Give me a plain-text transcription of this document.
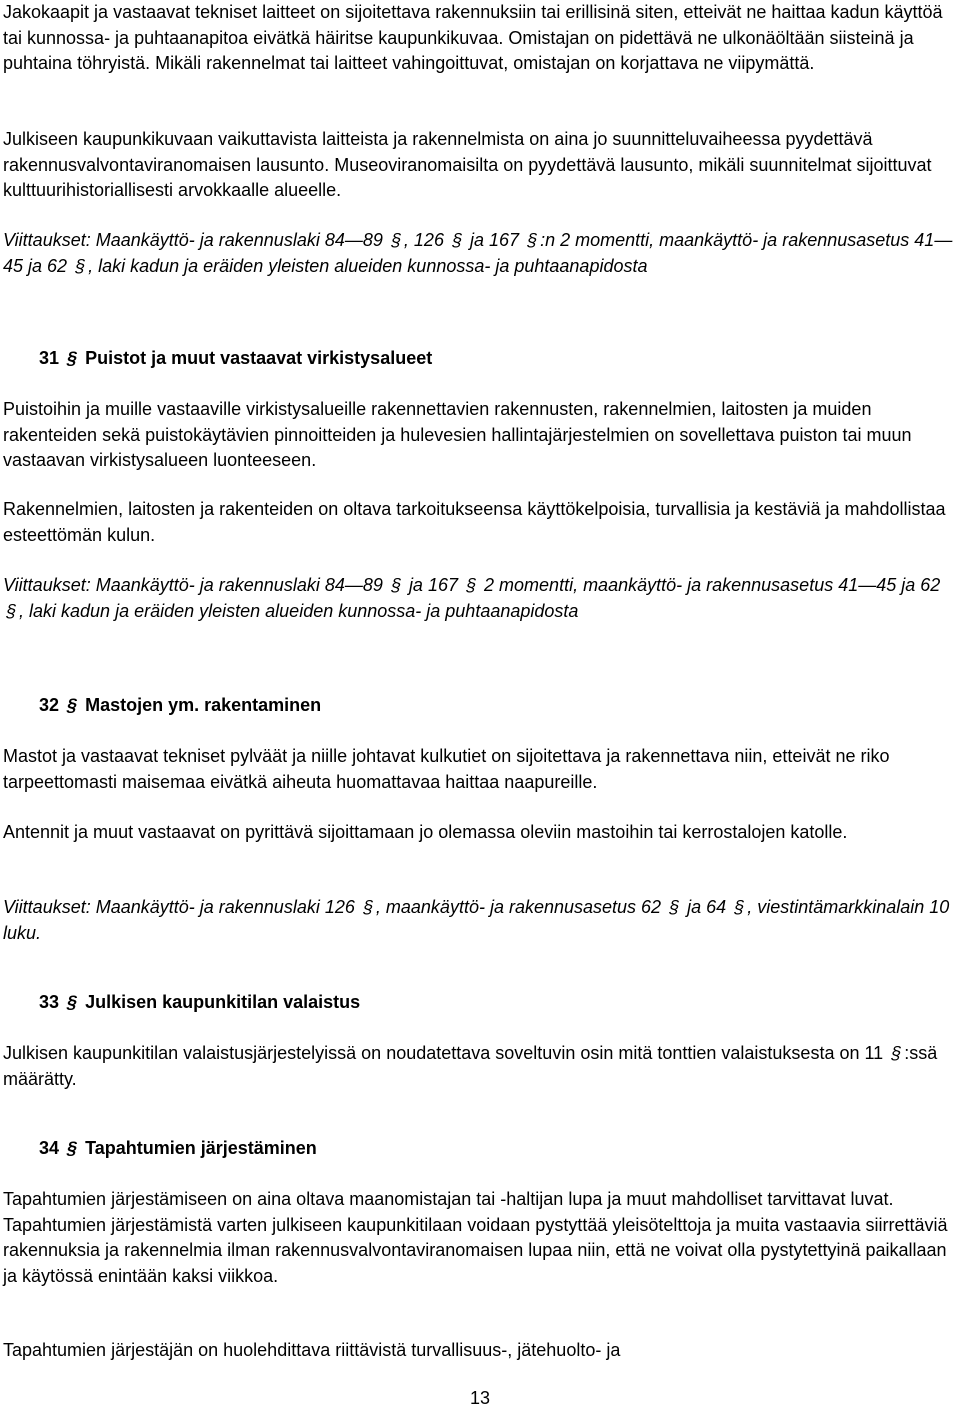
Jakokaapit ja vastaavat tekniset laitteet on sijoitettava rakennuksiin tai erillisinä siten, etteivät ne haittaa kadun käyttöä tai kunnossa- ja puhtaanapitoa eivätkä häiritse kaupunkikuvaa. Omistajan on pidettävä ne ulkonäöltään siisteinä ja puhtaina töhryistä. Mikäli rakennelmat tai laitteet vahingoittuvat, omistajan on korjattava ne viipymättä.

Julkiseen kaupunkikuvaan vaikuttavista laitteista ja rakennelmista on aina jo suunnitteluvaiheessa pyydettävä rakennusvalvontaviranomaisen lausunto. Museoviranomaisilta on pyydettävä lausunto, mikäli suunnitelmat sijoittuvat kulttuurihistoriallisesti arvokkaalle alueelle.

Viittaukset: Maankäyttö- ja rakennuslaki 84—89 §, 126 § ja 167 §:n 2 momentti, maankäyttö- ja rakennusasetus 41—45 ja 62 §, laki kadun ja eräiden yleisten alueiden kunnossa- ja puhtaanapidosta

31 § Puistot ja muut vastaavat virkistysalueet

Puistoihin ja muille vastaaville virkistysalueille rakennettavien rakennusten, rakennelmien, laitosten ja muiden rakenteiden sekä puistokäytävien pinnoitteiden ja hulevesien hallintajärjestelmien on sovellettava puiston tai muun vastaavan virkistysalueen luonteeseen.

Rakennelmien, laitosten ja rakenteiden on oltava tarkoitukseensa käyttökelpoisia, turvallisia ja kestäviä ja mahdollistaa esteettömän kulun.

Viittaukset: Maankäyttö- ja rakennuslaki 84—89 § ja 167 § 2 momentti, maankäyttö- ja rakennusasetus 41—45 ja 62 §, laki kadun ja eräiden yleisten alueiden kunnossa- ja puhtaanapidosta

32 § Mastojen ym. rakentaminen

Mastot ja vastaavat tekniset pylväät ja niille johtavat kulkutiet on sijoitettava ja rakennettava niin, etteivät ne riko tarpeettomasti maisemaa eivätkä aiheuta huomattavaa haittaa naapureille.

Antennit ja muut vastaavat on pyrittävä sijoittamaan jo olemassa oleviin mastoihin tai kerrostalojen katolle.

Viittaukset: Maankäyttö- ja rakennuslaki 126 §, maankäyttö- ja rakennusasetus 62 § ja 64 §, viestintämarkkinalain 10 luku.

33 § Julkisen kaupunkitilan valaistus

Julkisen kaupunkitilan valaistusjärjestelyissä on noudatettava soveltuvin osin mitä tonttien valaistuksesta on 11 §:ssä määrätty.

34 § Tapahtumien järjestäminen

Tapahtumien järjestämiseen on aina oltava maanomistajan tai -haltijan lupa ja muut mahdolliset tarvittavat luvat.

Tapahtumien järjestämistä varten julkiseen kaupunkitilaan voidaan pystyttää yleisötelttoja ja muita vastaavia siirrettäviä rakennuksia ja rakennelmia ilman rakennusvalvontaviranomaisen lupaa niin, että ne voivat olla pystytettyinä paikallaan ja käytössä enintään kaksi viikkoa.

Tapahtumien järjestäjän on huolehdittava riittävistä turvallisuus-, jätehuolto- ja

13
